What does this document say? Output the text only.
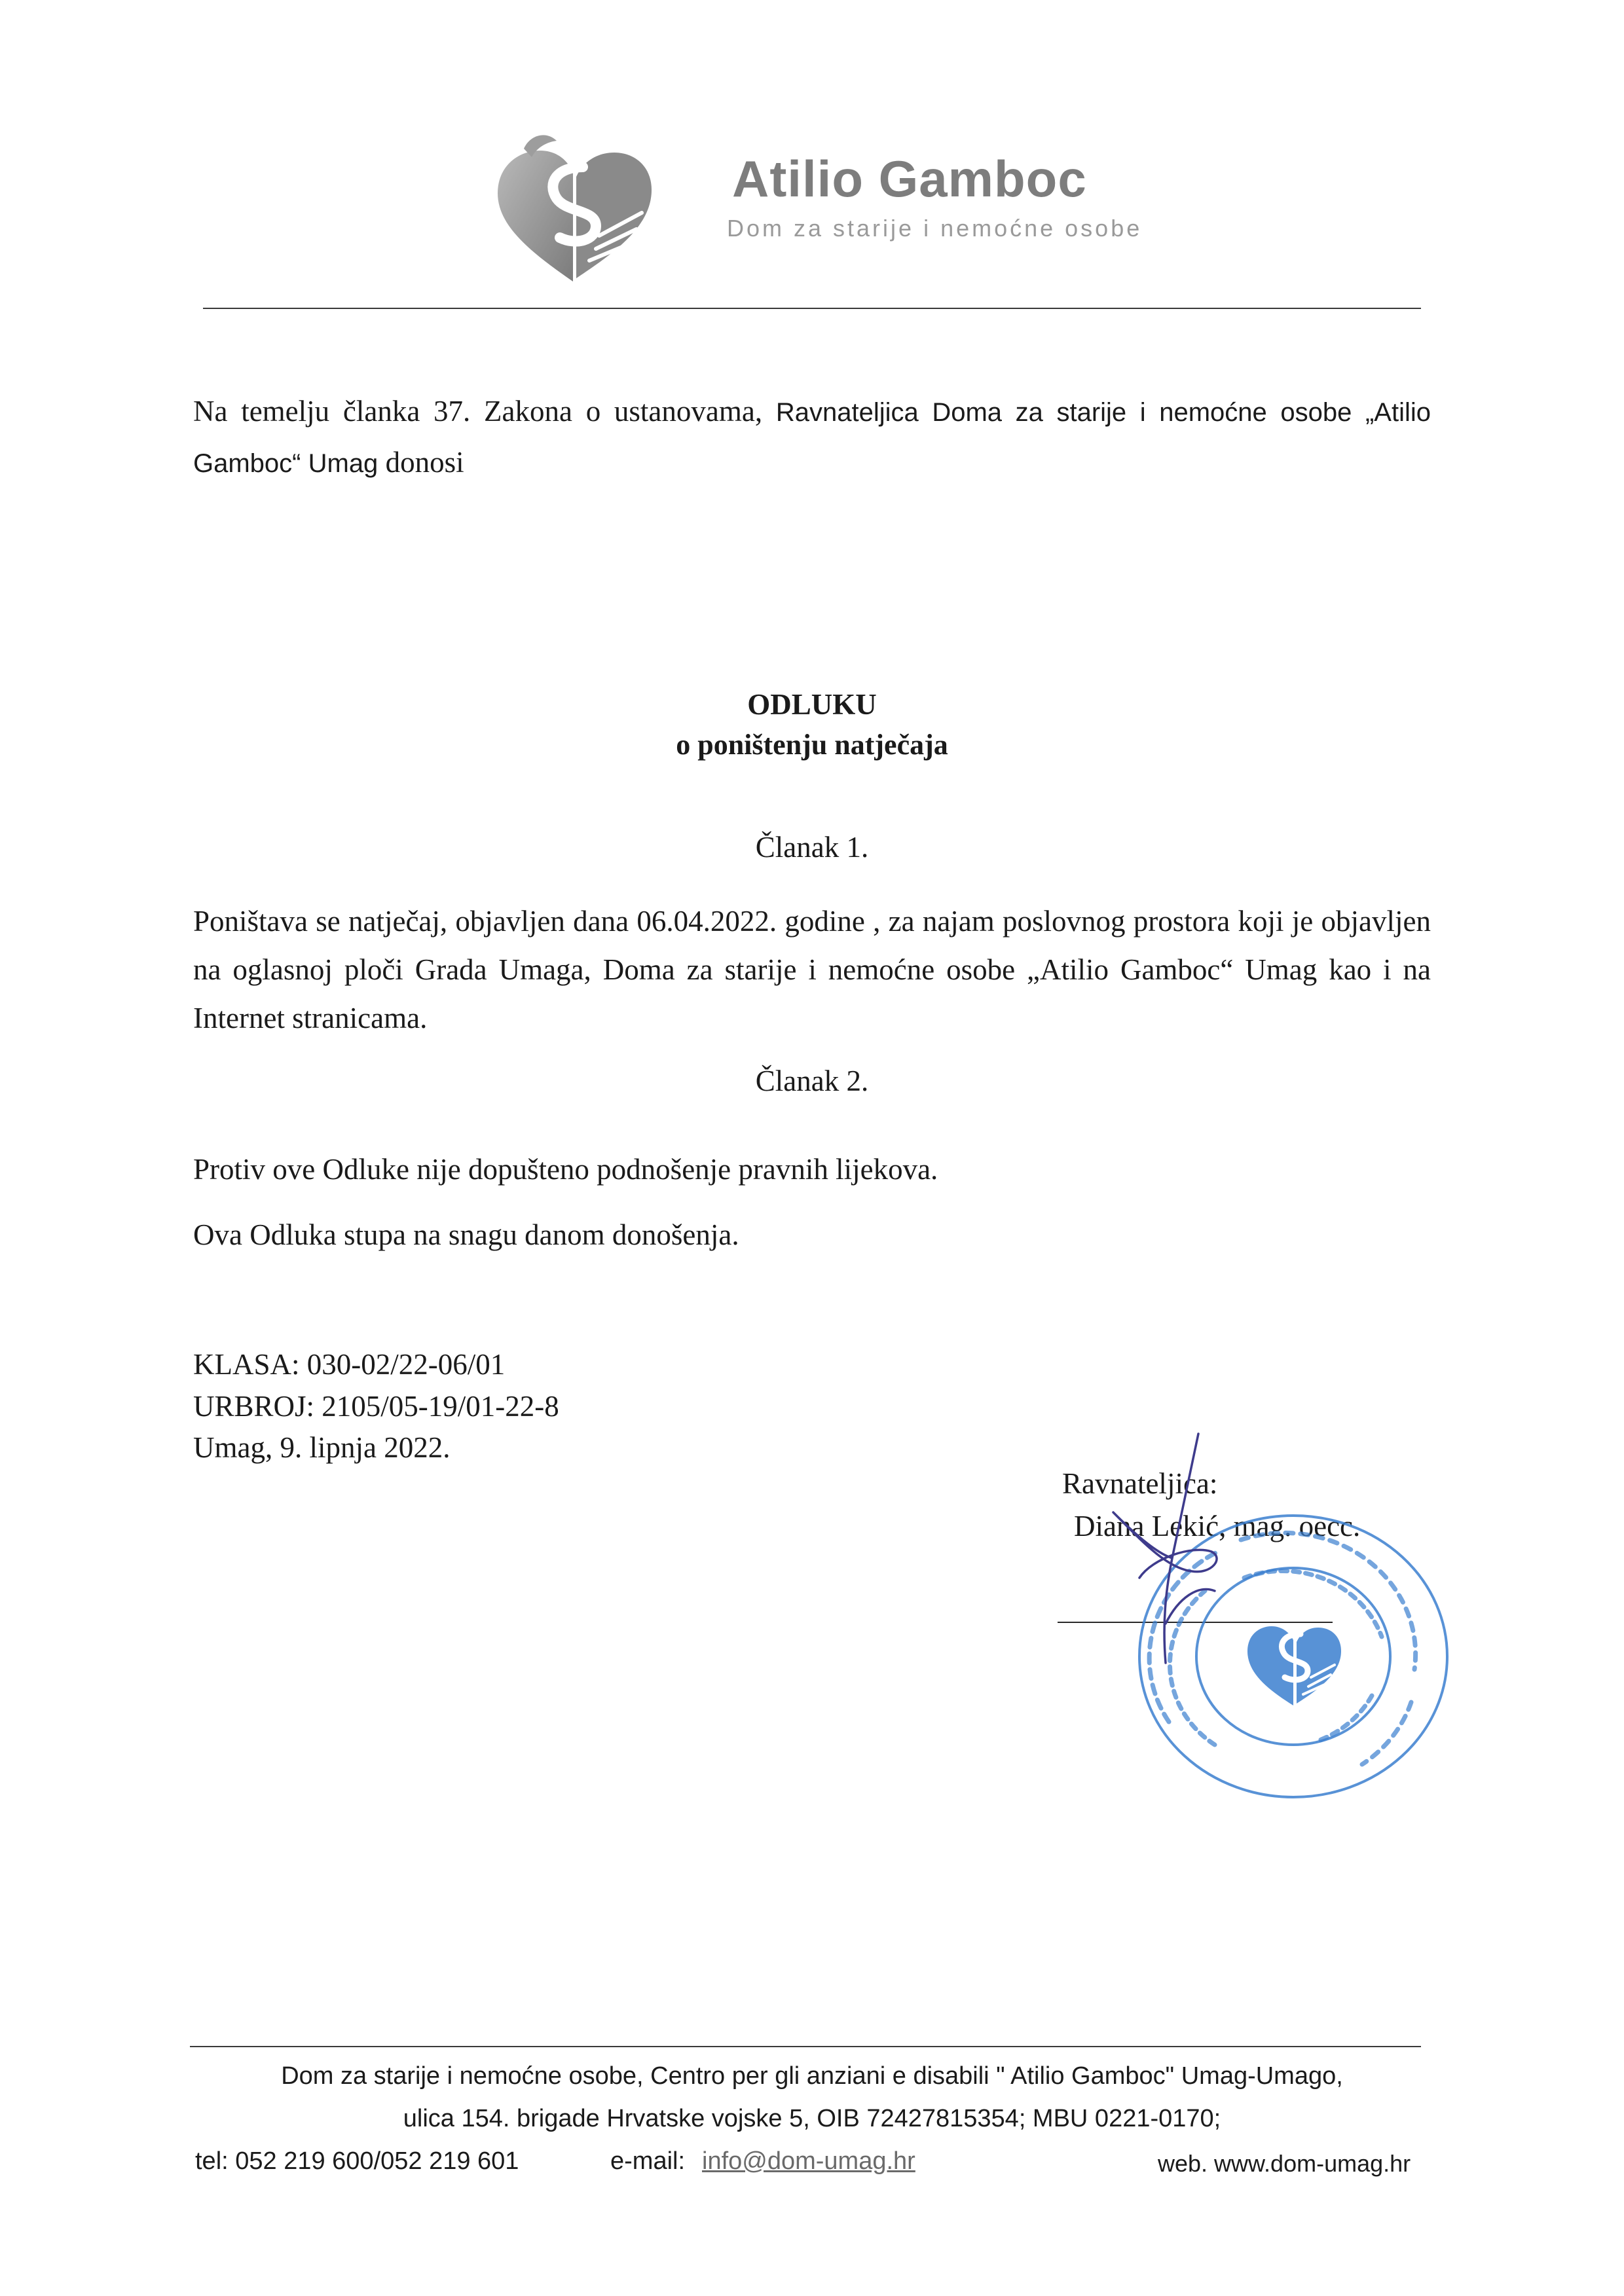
Atilio Gamboc
Dom za starije i nemoćne osobe
Na temelju članka 37. Zakona o ustanovama, Ravnateljica Doma za starije i nemoćne osobe „Atilio Gamboc“ Umag donosi
ODLUKU
o poništenju natječaja
Članak 1.
Poništava se natječaj, objavljen dana 06.04.2022. godine , za najam poslovnog prostora koji je objavljen na oglasnoj ploči Grada Umaga, Doma za starije i nemoćne osobe „Atilio Gamboc“ Umag kao i na Internet stranicama.
Članak 2.
Protiv ove Odluke nije dopušteno podnošenje pravnih lijekova.
Ova Odluka stupa na snagu danom donošenja.
KLASA: 030-02/22-06/01
URBROJ: 2105/05-19/01-22-8
Umag, 9. lipnja 2022.
Ravnateljica:
Diana Lekić, mag. oecc.
Dom za starije i nemoćne osobe, Centro per gli anziani e disabili " Atilio Gamboc" Umag-Umago,
ulica 154. brigade Hrvatske vojske 5, OIB 72427815354; MBU 0221-0170;
tel: 052 219 600/052 219 601	e-mail: info@dom-umag.hr	web. www.dom-umag.hr
